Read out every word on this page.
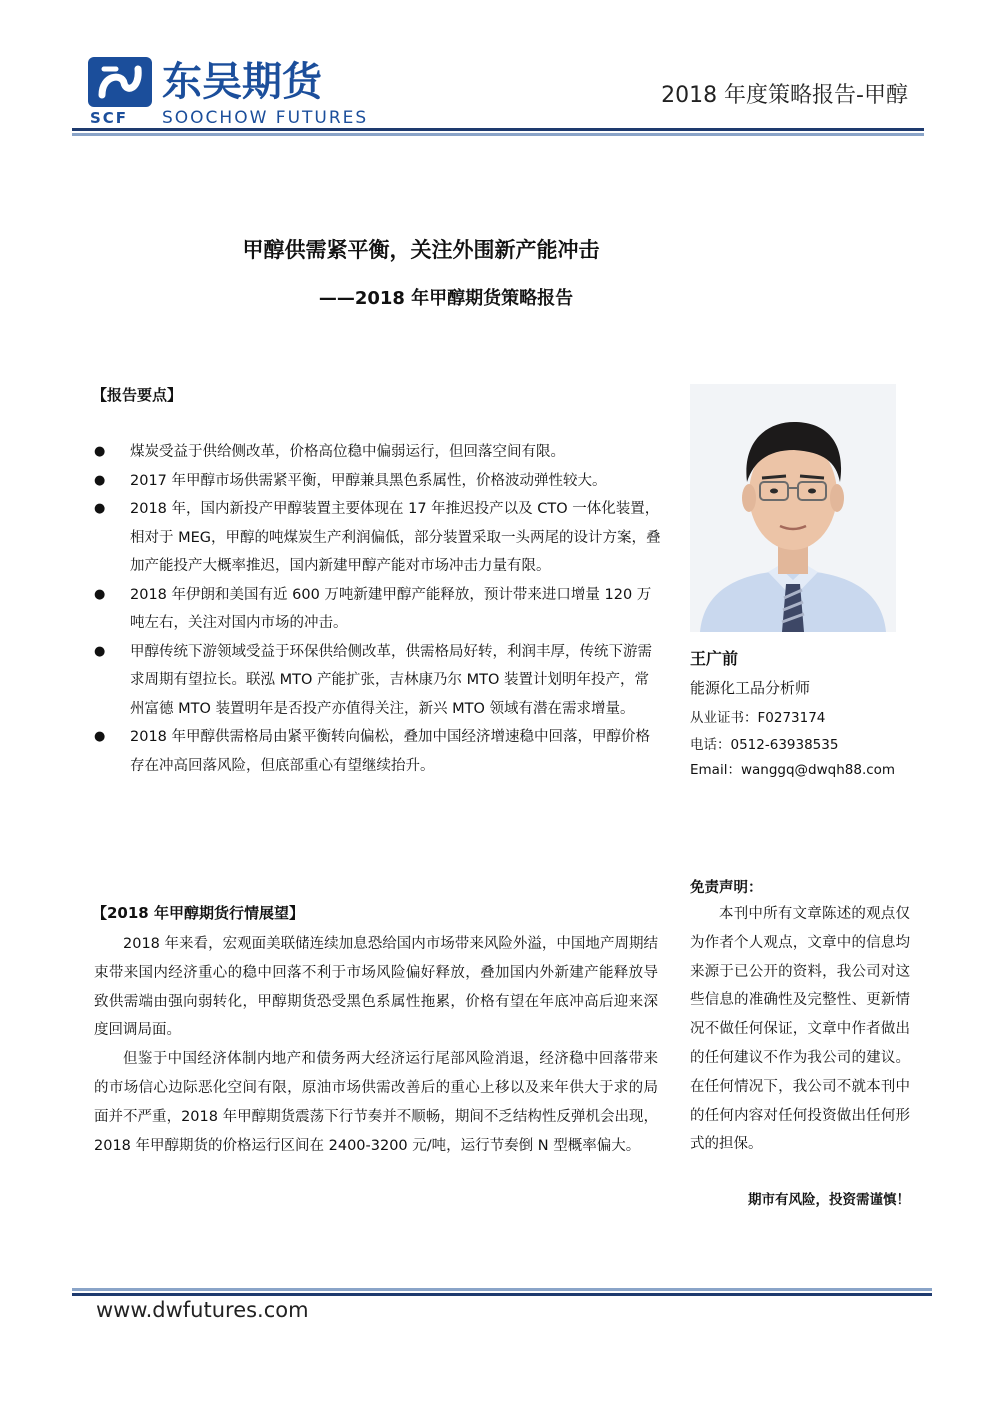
SCF
东吴期货
SOOCHOW FUTURES
2018 年度策略报告-甲醇
甲醇供需紧平衡，关注外围新产能冲击
——2018 年甲醇期货策略报告
【报告要点】
● 煤炭受益于供给侧改革，价格高位稳中偏弱运行，但回落空间有限。
● 2017 年甲醇市场供需紧平衡，甲醇兼具黑色系属性，价格波动弹性较大。
● 2018 年，国内新投产甲醇装置主要体现在 17 年推迟投产以及 CTO 一体化装置，相对于 MEG，甲醇的吨煤炭生产利润偏低，部分装置采取一头两尾的设计方案，叠加产能投产大概率推迟，国内新建甲醇产能对市场冲击力量有限。
● 2018 年伊朗和美国有近 600 万吨新建甲醇产能释放，预计带来进口增量 120 万吨左右，关注对国内市场的冲击。
● 甲醇传统下游领域受益于环保供给侧改革，供需格局好转，利润丰厚，传统下游需求周期有望拉长。联泓 MTO 产能扩张，吉林康乃尔 MTO 装置计划明年投产，常州富德 MTO 装置明年是否投产亦值得关注，新兴 MTO 领域有潜在需求增量。
● 2018 年甲醇供需格局由紧平衡转向偏松，叠加中国经济增速稳中回落，甲醇价格存在冲高回落风险，但底部重心有望继续抬升。
【2018 年甲醇期货行情展望】

2018 年来看，宏观面美联储连续加息恐给国内市场带来风险外溢，中国地产周期结束带来国内经济重心的稳中回落不利于市场风险偏好释放，叠加国内外新建产能释放导致供需端由强向弱转化，甲醇期货恐受黑色系属性拖累，价格有望在年底冲高后迎来深度回调局面。

但鉴于中国经济体制内地产和债务两大经济运行尾部风险消退，经济稳中回落带来的市场信心边际恶化空间有限，原油市场供需改善后的重心上移以及来年供大于求的局面并不严重，2018 年甲醇期货震荡下行节奏并不顺畅，期间不乏结构性反弹机会出现，2018 年甲醇期货的价格运行区间在 2400-3200 元/吨，运行节奏倒 N 型概率偏大。

王广前
能源化工品分析师
从业证书：F0273174
电话：0512-63938535
Email：wanggq@dwqh88.com
免责声明：
本刊中所有文章陈述的观点仅为作者个人观点，文章中的信息均来源于已公开的资料，我公司对这些信息的准确性及完整性、更新情况不做任何保证，文章中作者做出的任何建议不作为我公司的建议。在任何情况下，我公司不就本刊中的任何内容对任何投资做出任何形式的担保。
期市有风险，投资需谨慎！
www.dwfutures.com
